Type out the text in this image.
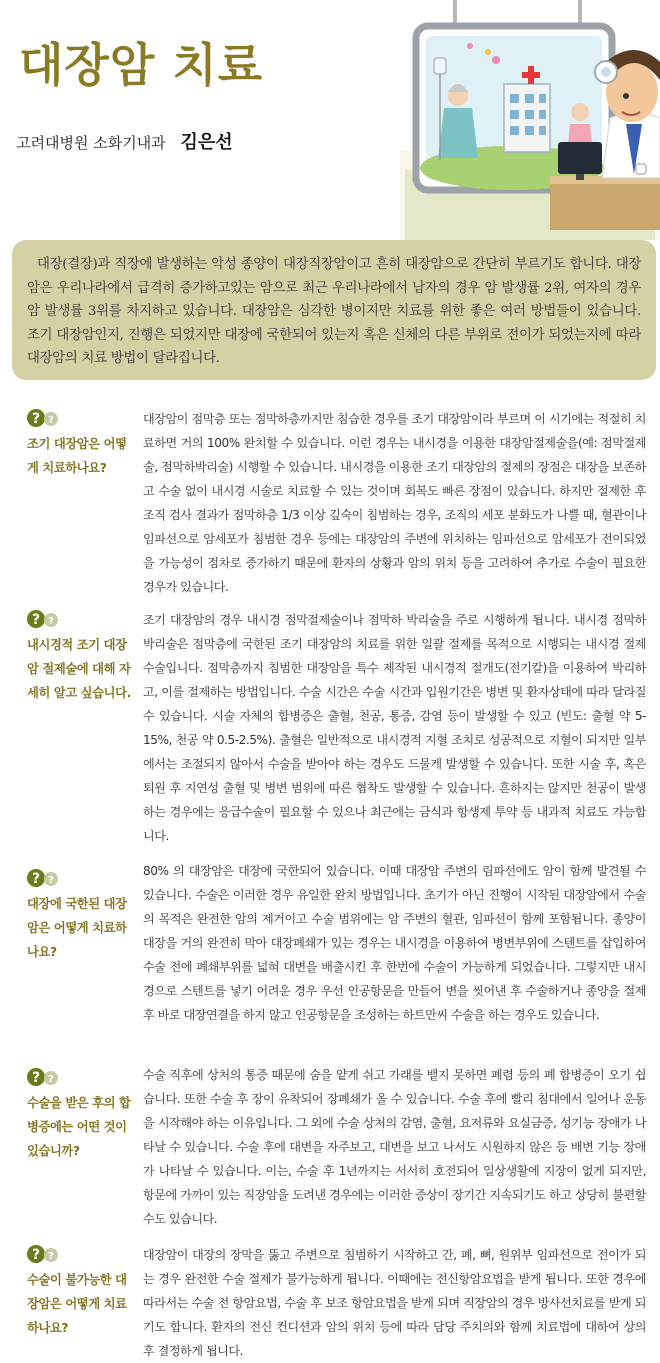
대장암 치료
고려대병원 소화기내과 김은선
대장(결장)과 직장에 발생하는 악성 종양이 대장직장암이고 흔히 대장암으로 간단히 부르기도 합니다. 대장암은 우리나라에서 급격히 증가하고있는 암으로 최근 우리나라에서 남자의 경우 암 발생률 2위, 여자의 경우 암 발생률 3위를 차지하고 있습니다. 대장암은 심각한 병이지만 치료를 위한 좋은 여러 방법들이 있습니다. 조기 대장암인지, 진행은 되었지만 대장에 국한되어 있는지 혹은 신체의 다른 부위로 전이가 되었는지에 따라 대장암의 치료 방법이 달라집니다.
? ?
조기 대장암은 어떻게 치료하나요?

대장암이 점막층 또는 점막하층까지만 침습한 경우를 조기 대장암이라 부르며 이 시기에는 적절히 치료하면 거의 100% 완치할 수 있습니다. 이런 경우는 내시경을 이용한 대장암절제술을(예: 점막절제술, 점막하박리술) 시행할 수 있습니다. 내시경을 이용한 조기 대장암의 절제의 장점은 대장을 보존하고 수술 없이 내시경 시술로 치료할 수 있는 것이며 회복도 빠른 장점이 있습니다. 하지만 절제한 후 조직 검사 결과가 점막하층 1/3 이상 깊숙이 침범하는 경우, 조직의 세포 분화도가 나쁠 때, 혈관이나 임파선으로 암세포가 침범한 경우 등에는 대장암의 주변에 위치하는 임파선으로 암세포가 전이되었을 가능성이 점차로 증가하기 때문에 환자의 상황과 암의 위치 등을 고려하여 추가로 수술이 필요한 경우가 있습니다.

? ?
내시경적 조기 대장암 절제술에 대해 자세히 알고 싶습니다.

조기 대장암의 경우 내시경 점막절제술이나 점막하 박리술을 주로 시행하게 됩니다. 내시경 점막하 박리술은 점막층에 국한된 조기 대장암의 치료를 위한 일괄 절제를 목적으로 시행되는 내시경 절제 수술입니다. 점막층까지 침범한 대장암을 특수 제작된 내시경적 절개도(전기칼)을 이용하여 박리하고, 이를 절제하는 방법입니다. 수술 시간은 수술 시간과 입원기간은 병변 및 환자상태에 따라 달라질 수 있습니다. 시술 자체의 합병증은 출혈, 천공, 통증, 감염 등이 발생할 수 있고 (빈도: 출혈 약 5-15%, 천공 약 0.5-2.5%). 출혈은 일반적으로 내시경적 지혈 조치로 성공적으로 지혈이 되지만 일부에서는 조절되지 않아서 수술을 받아야 하는 경우도 드물게 발생할 수 있습니다. 또한 시술 후, 혹은 퇴원 후 지연성 출혈 및 병변 범위에 따른 협착도 발생할 수 있습니다. 흔하지는 않지만 천공이 발생하는 경우에는 응급수술이 필요할 수 있으나 최근에는 금식과 항생제 투약 등 내과적 치료도 가능합니다.

? ?
대장에 국한된 대장암은 어떻게 치료하나요?

80% 의 대장암은 대장에 국한되어 있습니다. 이때 대장암 주변의 림파선에도 암이 함께 발견될 수 있습니다. 수술은 이러한 경우 유일한 완치 방법입니다. 초기가 아닌 진행이 시작된 대장암에서 수술의 목적은 완전한 암의 제거이고 수술 범위에는 암 주변의 혈관, 임파선이 함께 포함됩니다. 종양이 대장을 거의 완전히 막아 대장폐쇄가 있는 경우는 내시경을 이용하여 병변부위에 스텐트를 삽입하여 수술 전에 폐쇄부위를 넓혀 대변을 배출시킨 후 한번에 수술이 가능하게 되었습니다. 그렇지만 내시경으로 스텐트를 넣기 어려운 경우 우선 인공항문을 만들어 변을 씻어낸 후 수술하거나 종양을 절제 후 바로 대장연결을 하지 않고 인공항문을 조성하는 하트만씨 수술을 하는 경우도 있습니다.

? ?
수술을 받은 후의 합병증에는 어떤 것이 있습니까?

수술 직후에 상처의 통증 때문에 숨을 얕게 쉬고 가래를 뱉지 못하면 폐렴 등의 폐 합병증이 오기 쉽습니다. 또한 수술 후 장이 유착되어 장폐쇄가 올 수 있습니다. 수술 후에 빨리 침대에서 일어나 운동을 시작해야 하는 이유입니다. 그 외에 수술 상처의 감염, 출혈, 요저류와 요실금증, 성기능 장애가 나타날 수 있습니다. 수술 후에 대변을 자주보고, 대변을 보고 나서도 시원하지 않은 등 배변 기능 장애가 나타날 수 있습니다. 이는, 수술 후 1년까지는 서서히 호전되어 일상생활에 지장이 없게 되지만, 항문에 가까이 있는 직장암을 도려낸 경우에는 이러한 증상이 장기간 지속되기도 하고 상당히 불편할 수도 있습니다.

? ?
수술이 불가능한 대장암은 어떻게 치료하나요?

대장암이 대장의 장막을 뚫고 주변으로 침범하기 시작하고 간, 폐, 뼈, 원위부 임파선으로 전이가 되는 경우 완전한 수술 절제가 불가능하게 됩니다. 이때에는 전신항암요법을 받게 됩니다. 또한 경우에 따라서는 수술 전 항암요법, 수술 후 보조 항암요법을 받게 되며 직장암의 경우 방사선치료를 받게 되기도 합니다. 환자의 전신 컨디션과 암의 위치 등에 따라 담당 주치의와 함께 치료법에 대하여 상의 후 결정하게 됩니다.
